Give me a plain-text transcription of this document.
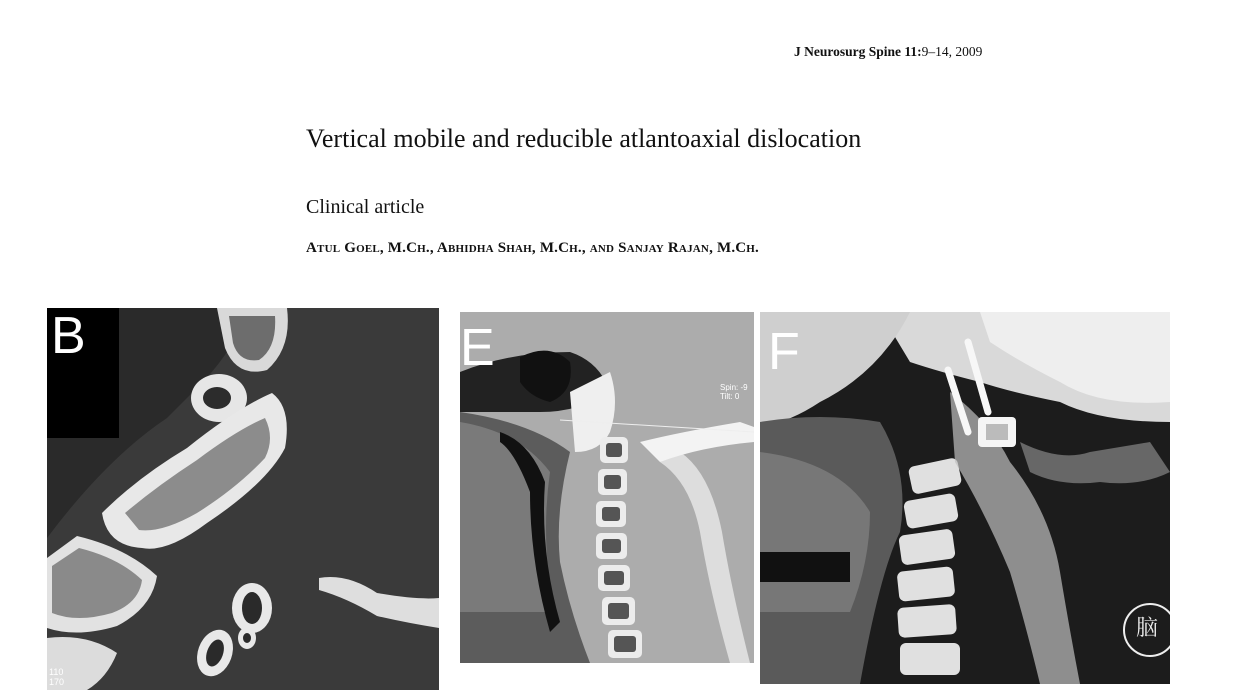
J Neurosurg Spine 11:9–14, 2009
Vertical mobile and reducible atlantoaxial dislocation
Clinical article
Atul Goel, M.Ch., Abhidha Shah, M.Ch., and Sanjay Rajan, M.Ch.
B
110
170
E
Spin: -9
Tilt: 0
F
脑
